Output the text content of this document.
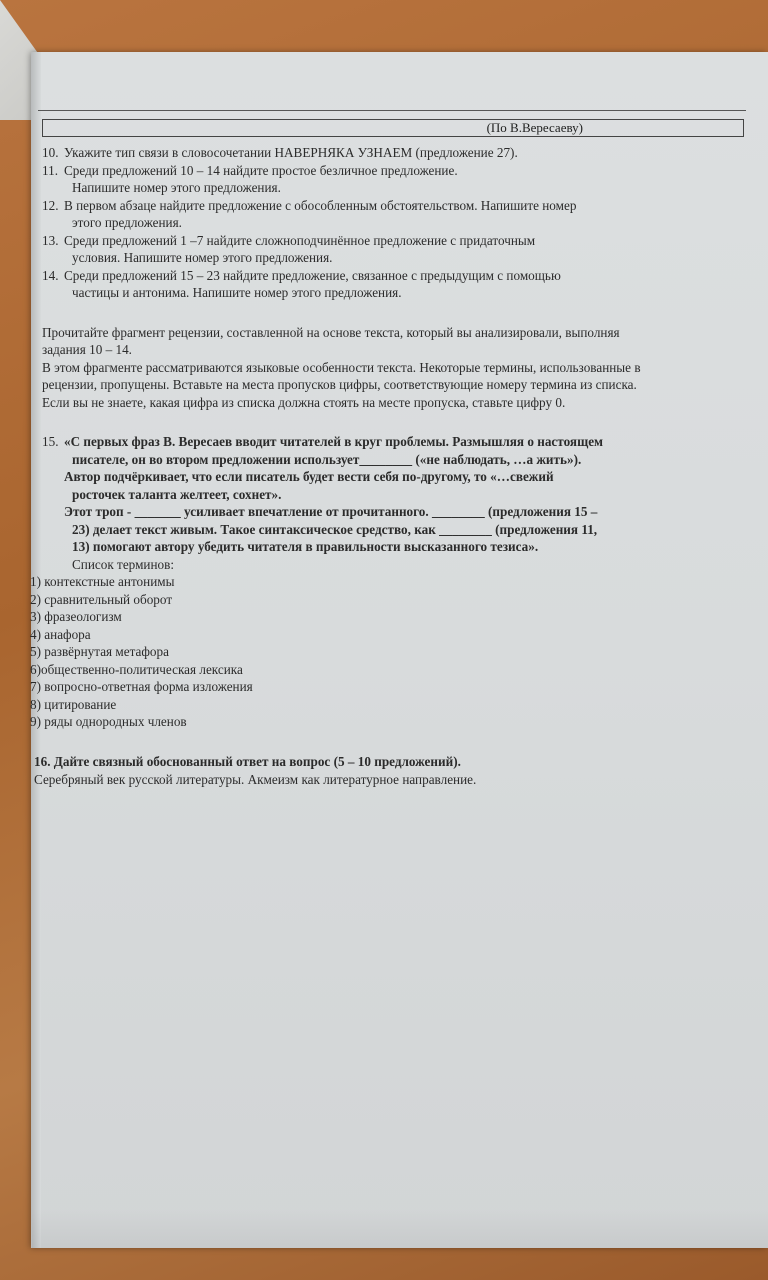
(По В.Вересаеву)
10. Укажите тип связи в словосочетании НАВЕРНЯКА УЗНАЕМ (предложение 27).
11. Среди предложений 10 – 14 найдите простое безличное предложение.
Напишите номер этого предложения.
12. В первом абзаце найдите предложение с обособленным обстоятельством. Напишите номер
этого предложения.
13. Среди предложений 1 –7 найдите сложноподчинённое предложение с придаточным
условия. Напишите номер этого предложения.
14. Среди предложений 15 – 23 найдите предложение, связанное с предыдущим с помощью
частицы и антонима. Напишите номер этого предложения.

Прочитайте фрагмент рецензии, составленной на основе текста, который вы анализировали, выполняя

задания 10 – 14.

В этом фрагменте рассматриваются языковые особенности текста. Некоторые термины, использованные в

рецензии, пропущены. Вставьте на места пропусков цифры, соответствующие номеру термина из списка.

Если вы не знаете, какая цифра из списка должна стоять на месте пропуска, ставьте цифру 0.

15. «С первых фраз В. Вересаев вводит читателей в круг проблемы. Размышляя о настоящем
писателе, он во втором предложении использует________ («не наблюдать, …а жить»).
Автор подчёркивает, что если писатель будет вести себя по-другому, то «…свежий
росточек таланта желтеет, сохнет».
Этот троп - _______ усиливает впечатление от прочитанного. ________ (предложения 15 –
23) делает текст живым. Такое синтаксическое средство, как ________ (предложения 11,
13) помогают автору убедить читателя в правильности высказанного тезиса».
Список терминов:

1) контекстные антонимы

2) сравнительный оборот

3) фразеологизм

4) анафора

5) развёрнутая метафора

6)общественно-политическая лексика

7) вопросно-ответная форма изложения

8) цитирование

9) ряды однородных членов

16. Дайте связный обоснованный ответ на вопрос (5 – 10 предложений).

Серебряный век русской литературы. Акмеизм как литературное направление.
